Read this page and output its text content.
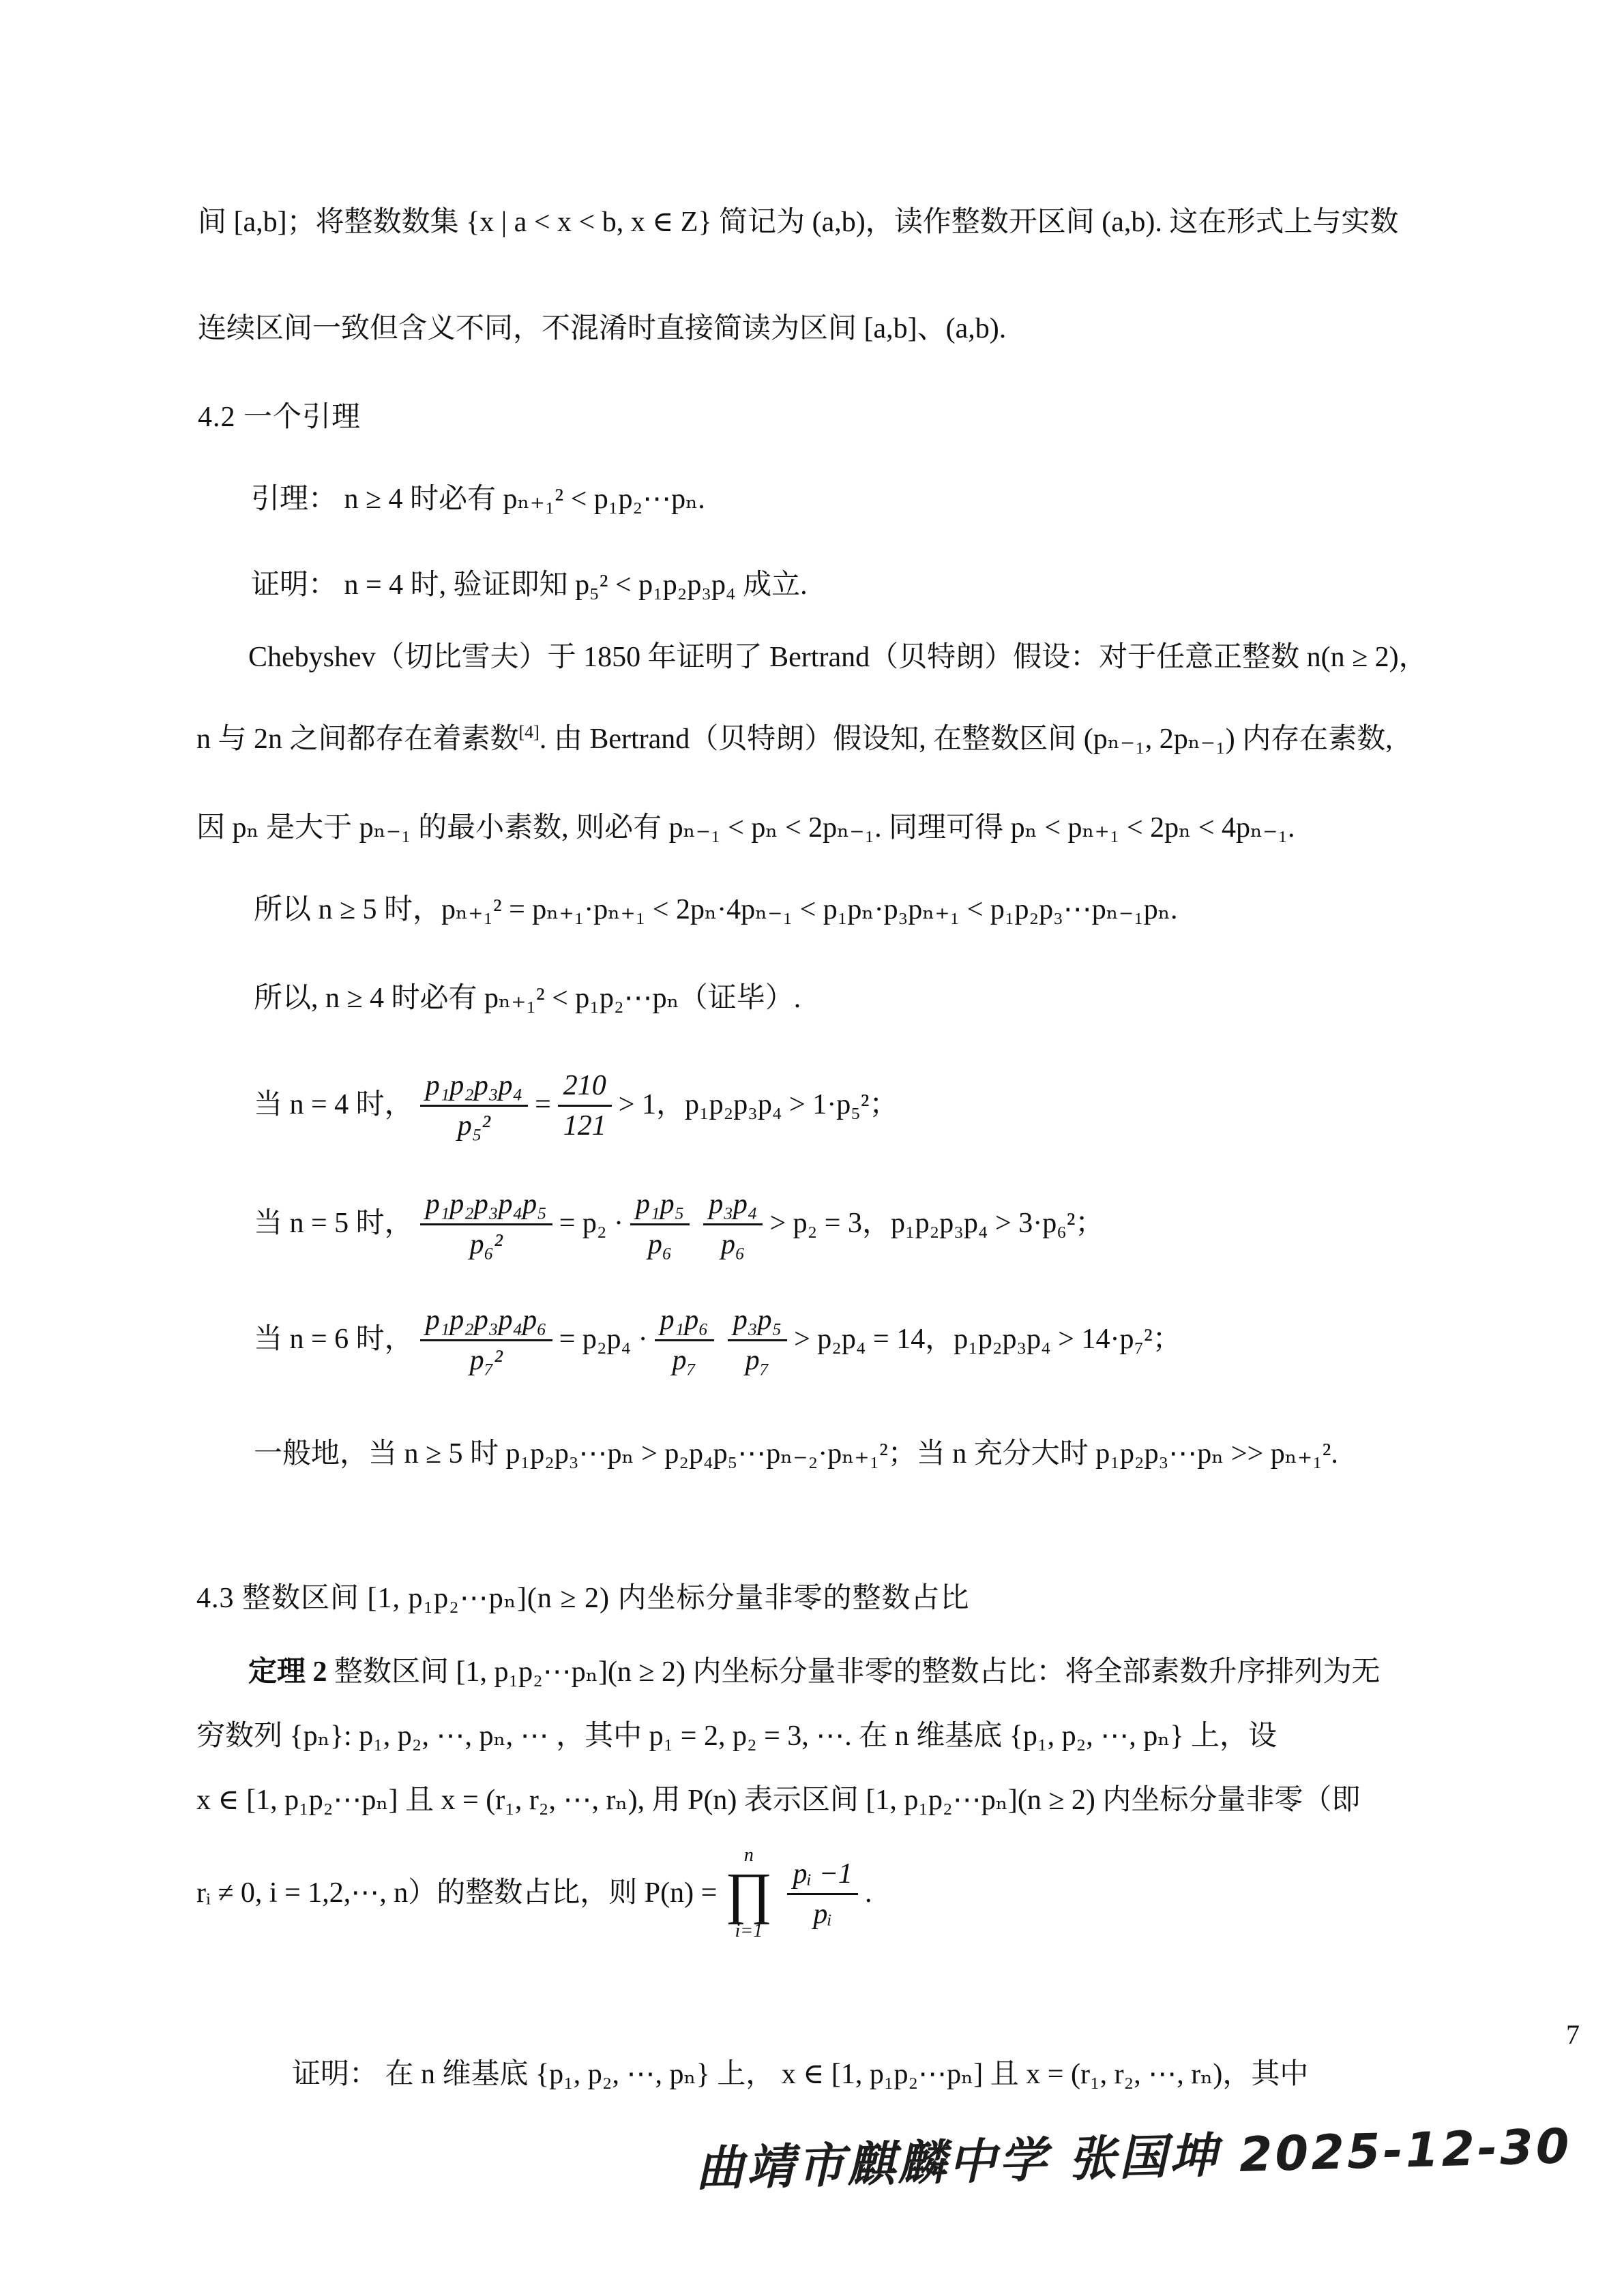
间 [a,b]；将整数数集 {x | a < x < b, x ∈ Z} 简记为 (a,b)，读作整数开区间 (a,b). 这在形式上与实数
连续区间一致但含义不同，不混淆时直接简读为区间 [a,b]、(a,b).
4.2 一个引理
引理： n ≥ 4 时必有 pₙ₊₁² < p₁p₂⋯pₙ.
证明： n = 4 时, 验证即知 p₅² < p₁p₂p₃p₄ 成立.
Chebyshev（切比雪夫）于 1850 年证明了 Bertrand（贝特朗）假设：对于任意正整数 n(n ≥ 2)，
n 与 2n 之间都存在着素数[4]. 由 Bertrand（贝特朗）假设知, 在整数区间 (pₙ₋₁, 2pₙ₋₁) 内存在素数,
因 pₙ 是大于 pₙ₋₁ 的最小素数, 则必有 pₙ₋₁ < pₙ < 2pₙ₋₁. 同理可得 pₙ < pₙ₊₁ < 2pₙ < 4pₙ₋₁.
所以 n ≥ 5 时，pₙ₊₁² = pₙ₊₁·pₙ₊₁ < 2pₙ·4pₙ₋₁ < p₁pₙ·p₃pₙ₊₁ < p₁p₂p₃⋯pₙ₋₁pₙ.
所以, n ≥ 4 时必有 pₙ₊₁² < p₁p₂⋯pₙ（证毕）.
当 n = 4 时， $\frac{\text{p₁p₂p₃p₄}}{\text{p₅²}} = \frac{210}{121} > 1$，p₁p₂p₃p₄ > 1·p₅²；
当 n = 5 时， $\frac{\text{p₁p₂p₃p₄p₅}}{\text{p₆²}} = p_2 \cdot \frac{\text{p₁p₅}}{\text{p₆}} \frac{\text{p₃p₄}}{\text{p₆}} > p_2 = 3$，p₁p₂p₃p₄ > 3·p₆²；
当 n = 6 时， $\frac{\text{p₁p₂p₃p₄p₆}}{\text{p₇²}} = p_2p_4 \cdot \frac{\text{p₁p₆}}{\text{p₇}} \frac{\text{p₃p₅}}{\text{p₇}} > p_2p_4 = 14$，p₁p₂p₃p₄ > 14·p₇²；
一般地，当 n ≥ 5 时 p₁p₂p₃⋯pₙ > p₂p₄p₅⋯pₙ₋₂·pₙ₊₁²；当 n 充分大时 p₁p₂p₃⋯pₙ >> pₙ₊₁².
4.3 整数区间 [1, p₁p₂⋯pₙ](n ≥ 2) 内坐标分量非零的整数占比
定理 2 整数区间 [1, p₁p₂⋯pₙ](n ≥ 2) 内坐标分量非零的整数占比：将全部素数升序排列为无
穷数列 {pₙ}: p₁, p₂, ⋯, pₙ, ⋯ ，其中 p₁ = 2, p₂ = 3, ⋯. 在 n 维基底 {p₁, p₂, ⋯, pₙ} 上，设
x ∈ [1, p₁p₂⋯pₙ] 且 x = (r₁, r₂, ⋯, rₙ), 用 P(n) 表示区间 [1, p₁p₂⋯pₙ](n ≥ 2) 内坐标分量非零（即
rᵢ ≠ 0, i = 1,2,⋯, n）的整数占比，则 P(n) =
n
∏
i=1
$\frac{\text{pᵢ −1}}{\text{pᵢ}}$ .
证明： 在 n 维基底 {p₁, p₂, ⋯, pₙ} 上， x ∈ [1, p₁p₂⋯pₙ] 且 x = (r₁, r₂, ⋯, rₙ)，其中
曲靖市麒麟中学 张国坤 2025-12-30
7
